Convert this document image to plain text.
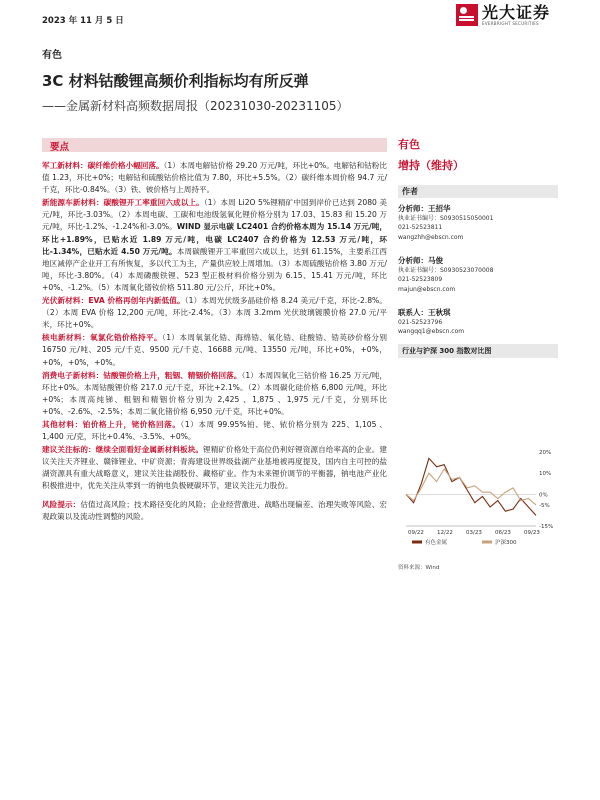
2023 年 11 月 5 日	光大证券
EVERBRIGHT SECURITIES
有色
3C 材料钴酸锂高频价利指标均有所反弹
——金属新材料高频数据周报（20231030-20231105）
要点

军工新材料：碳纤维价格小幅回落。（1）本周电解钴价格 29.20 万元/吨，环比+0%。电解钴和钴粉比值 1.23，环比+0%；电解钴和硫酸钴价格比值为 7.80，环比+5.5%。（2）碳纤维本周价格 94.7 元/千克，环比-0.84%。（3）铁、铍价格与上周持平。

新能源车新材料：碳酸锂开工率重回六成以上。（1）本周 Li2O 5%锂精矿中国到岸价已达到 2080 美元/吨，环比-3.03%。（2）本周电碳、工碳和电池级氢氧化锂价格分别为 17.03、15.83 和 15.20 万元/吨，环比-1.2%、-1.24%和-3.0%。WIND 显示电碳 LC2401 合约价格本周为 15.14 万元/吨，环比+1.89%，已贴水近 1.89 万元/吨，电碳 LC2407 合约价格为 12.53 万元/吨，环比-1.34%，已贴水近 4.50 万元/吨。本周碳酸锂开工率重回六成以上，达到 61.15%，主要系江西地区减停产企业开工有所恢复，多以代工为主，产量供应较上周增加。（3）本周硫酸钴价格 3.80 万元/吨，环比-3.80%。（4）本周磷酸铁锂、523 型正极材料价格分别为 6.15、15.41 万元/吨，环比+0%、-1.2%。（5）本周氧化镨钕价格 511.80 元/公斤，环比+0%。

光伏新材料：EVA 价格再创年内新低值。（1）本周光伏级多晶硅价格 8.24 美元/千克，环比-2.8%。（2）本周 EVA 价格 12,200 元/吨，环比-2.4%。（3）本周 3.2mm 光伏玻璃镀膜价格 27.0 元/平米，环比+0%。

核电新材料：氧氯化锆价格持平。（1）本周氧氯化锆、海绵锆、氧化锆、硅酸锆、锆英砂价格分别 16750 元/吨、205 元/千克、9500 元/千克、16688 元/吨、13550 元/吨，环比+0%，+0%，+0%，+0%，+0%。

消费电子新材料：钴酸锂价格上升，粗铟、精铟价格回落。（1）本周四氧化三钴价格 16.25 万元/吨，环比+0%。本周钴酸锂价格 217.0 元/千克，环比+2.1%。（2）本周碳化硅价格 6,800 元/吨，环比+0%；本周高纯锑、粗铟和精铟价格分别为 2,425 、1,875 、1,975 元/千克，分别环比+0%、-2.6%、-2.5%；本周二氧化锗价格 6,950 元/千克，环比+0%。

其他材料：铂价格上升，铑价格回落。（1）本周 99.95%铂、铑、铱价格分别为 225、1,105 、1,400 元/克，环比+0.4%、-3.5%、+0%。

建议关注标的：继续全面看好金属新材料板块。锂精矿价格处于高位仍利好锂资源自给率高的企业。建议关注天齐锂业、赣锋锂业、中矿资源；青海建设世界级盐湖产业基地被再度提及，国内自主可控的盐湖资源具有重大战略意义，建议关注盐湖股份、藏格矿业。作为未来锂价调节的平衡器，钠电池产业化积极推进中，优先关注从零到一的钠电负极硬碳环节，建议关注元力股份。

风险提示：估值过高风险；技术路径变化的风险；企业经营激进、战略出现偏差、治理失败等风险、宏观政策以及流动性调整的风险。

有色
增持（维持）
作者
分析师：王招华
执业证书编号：S0930515050001
021-52523811
wangzhh@ebscn.com
分析师：马俊
执业证书编号：S0930523070008
021-52523809
majun@ebscn.com
联系人：王秋琪
021-52523796
wangqq1@ebscn.com
行业与沪深 300 指数对比图
20%
10%
0%
-5%
-15%
09/22 12/22 03/23 06/23 09/23
有色金属	沪深300
资料来源：Wind
